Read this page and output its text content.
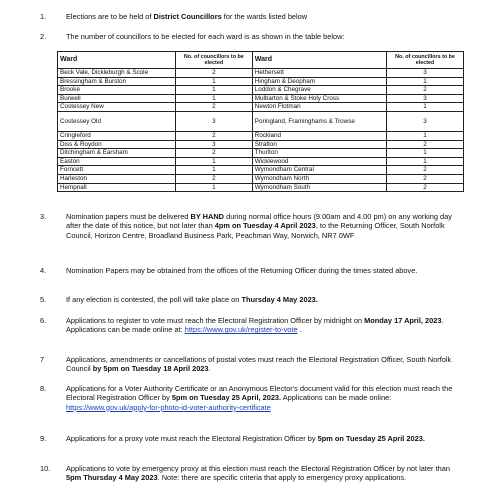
1.	Elections are to be held of District Councillors for the wards listed below
2.	The number of councillors to be elected for each ward is as shown in the table below:
Ward	No. of councillors to be elected	Ward	No. of councillors to be elected
Beck Vale, Dickleburgh & Scole	2	Hethersett	3
Bressingham & Burston	1	Hingham & Deopham	1
Brooke	1	Loddon & Chegrave	2
Burwell	1	Mulbarton & Stoke Holy Cross	3
Costessey New	2	Newton Flotman	1
Costessey Old	3	Poringland, Framinghams & Trowse	3
Cringleford	2	Rockland	1
Diss & Roydon	3	Stratton	2
Ditchingham & Earsham	2	Thurlton	1
Easton	1	Wicklewood	1
Forncett	1	Wymondham Central	2
Harleston	2	Wymondham North	2
Hempnall	1	Wymondham South	2
3.	Nomination papers must be delivered BY HAND during normal office hours (9.00am and 4.00 pm) on any working day after the date of this notice, but not later than 4pm on Tuesday 4 April 2023, to the Returning Officer, South Norfolk Council, Horizon Centre, Broadland Business Park, Peachman Way, Norwich, NR7 0WF
4.	Nomination Papers may be obtained from the offices of the Returning Officer during the times stated above.
5.	If any election is contested, the poll will take place on Thursday 4 May 2023.
6.	Applications to register to vote must reach the Electoral Registration Officer by midnight on Monday 17 April, 2023. Applications can be made online at: https://www.gov.uk/register-to-vote .
7	Applications, amendments or cancellations of postal votes must reach the Electoral Registration Officer, South Norfolk Council by 5pm on Tuesday 18 April 2023.
8.	Applications for a Voter Authority Certificate or an Anonymous Elector's document valid for this election must reach the Electoral Registration Officer by 5pm on Tuesday 25 April, 2023. Applications can be made online: https://www.gov.uk/apply-for-photo-id-voter-authority-certificate
9.	Applications for a proxy vote must reach the Electoral Registration Officer by 5pm on Tuesday 25 April 2023.
10. Applications to vote by emergency proxy at this election must reach the Electoral Registration Officer by not later than 5pm Thursday 4 May 2023. Note: there are specific criteria that apply to emergency proxy applications.
